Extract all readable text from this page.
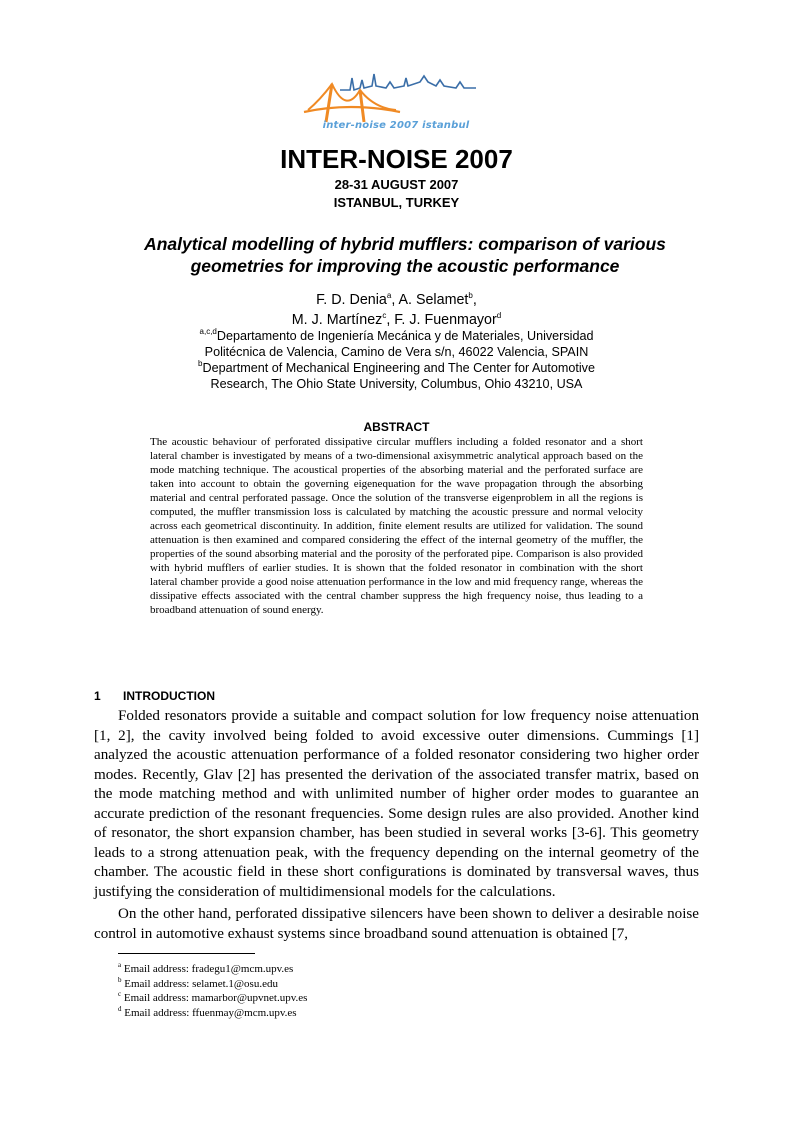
inter-noise 2007 istanbul
INTER-NOISE 2007
28-31 AUGUST 2007
ISTANBUL, TURKEY
Analytical modelling of hybrid mufflers: comparison of various geometries for improving the acoustic performance
F. D. Denia$^a$, A. Selamet$^b$,
M. J. Martínez$^c$, F. J. Fuenmayor$^d$
$^{a,c,d}$Departamento de Ingeniería Mecánica y de Materiales, Universidad
Politécnica de Valencia, Camino de Vera s/n, 46022 Valencia, SPAIN
$^b$Department of Mechanical Engineering and The Center for Automotive
Research, The Ohio State University, Columbus, Ohio 43210, USA
ABSTRACT
The acoustic behaviour of perforated dissipative circular mufflers including a folded resonator and a short lateral chamber is investigated by means of a two-dimensional axisymmetric analytical approach based on the mode matching technique. The acoustical properties of the absorbing material and the perforated surface are taken into account to obtain the governing eigenequation for the wave propagation through the absorbing material and central perforated passage. Once the solution of the transverse eigenproblem in all the regions is computed, the muffler transmission loss is calculated by matching the acoustic pressure and normal velocity across each geometrical discontinuity. In addition, finite element results are utilized for validation. The sound attenuation is then examined and compared considering the effect of the internal geometry of the muffler, the properties of the sound absorbing material and the porosity of the perforated pipe. Comparison is also provided with hybrid mufflers of earlier studies. It is shown that the folded resonator in combination with the short lateral chamber provide a good noise attenuation performance in the low and mid frequency range, whereas the dissipative effects associated with the central chamber suppress the high frequency noise, thus leading to a broadband attenuation of sound energy.
1 INTRODUCTION
Folded resonators provide a suitable and compact solution for low frequency noise attenuation [1, 2], the cavity involved being folded to avoid excessive outer dimensions. Cummings [1] analyzed the acoustic attenuation performance of a folded resonator considering two higher order modes. Recently, Glav [2] has presented the derivation of the associated transfer matrix, based on the mode matching method and with unlimited number of higher order modes to guarantee an accurate prediction of the resonant frequencies. Some design rules are also provided. Another kind of resonator, the short expansion chamber, has been studied in several works [3-6]. This geometry leads to a strong attenuation peak, with the frequency depending on the internal geometry of the chamber. The acoustic field in these short configurations is dominated by transversal waves, thus justifying the consideration of multidimensional models for the calculations.
On the other hand, perforated dissipative silencers have been shown to deliver a desirable noise control in automotive exhaust systems since broadband sound attenuation is obtained [7,
$^a$ Email address: fradegu1@mcm.upv.es
$^b$ Email address: selamet.1@osu.edu
$^c$ Email address: mamarbor@upvnet.upv.es
$^d$ Email address: ffuenmay@mcm.upv.es
